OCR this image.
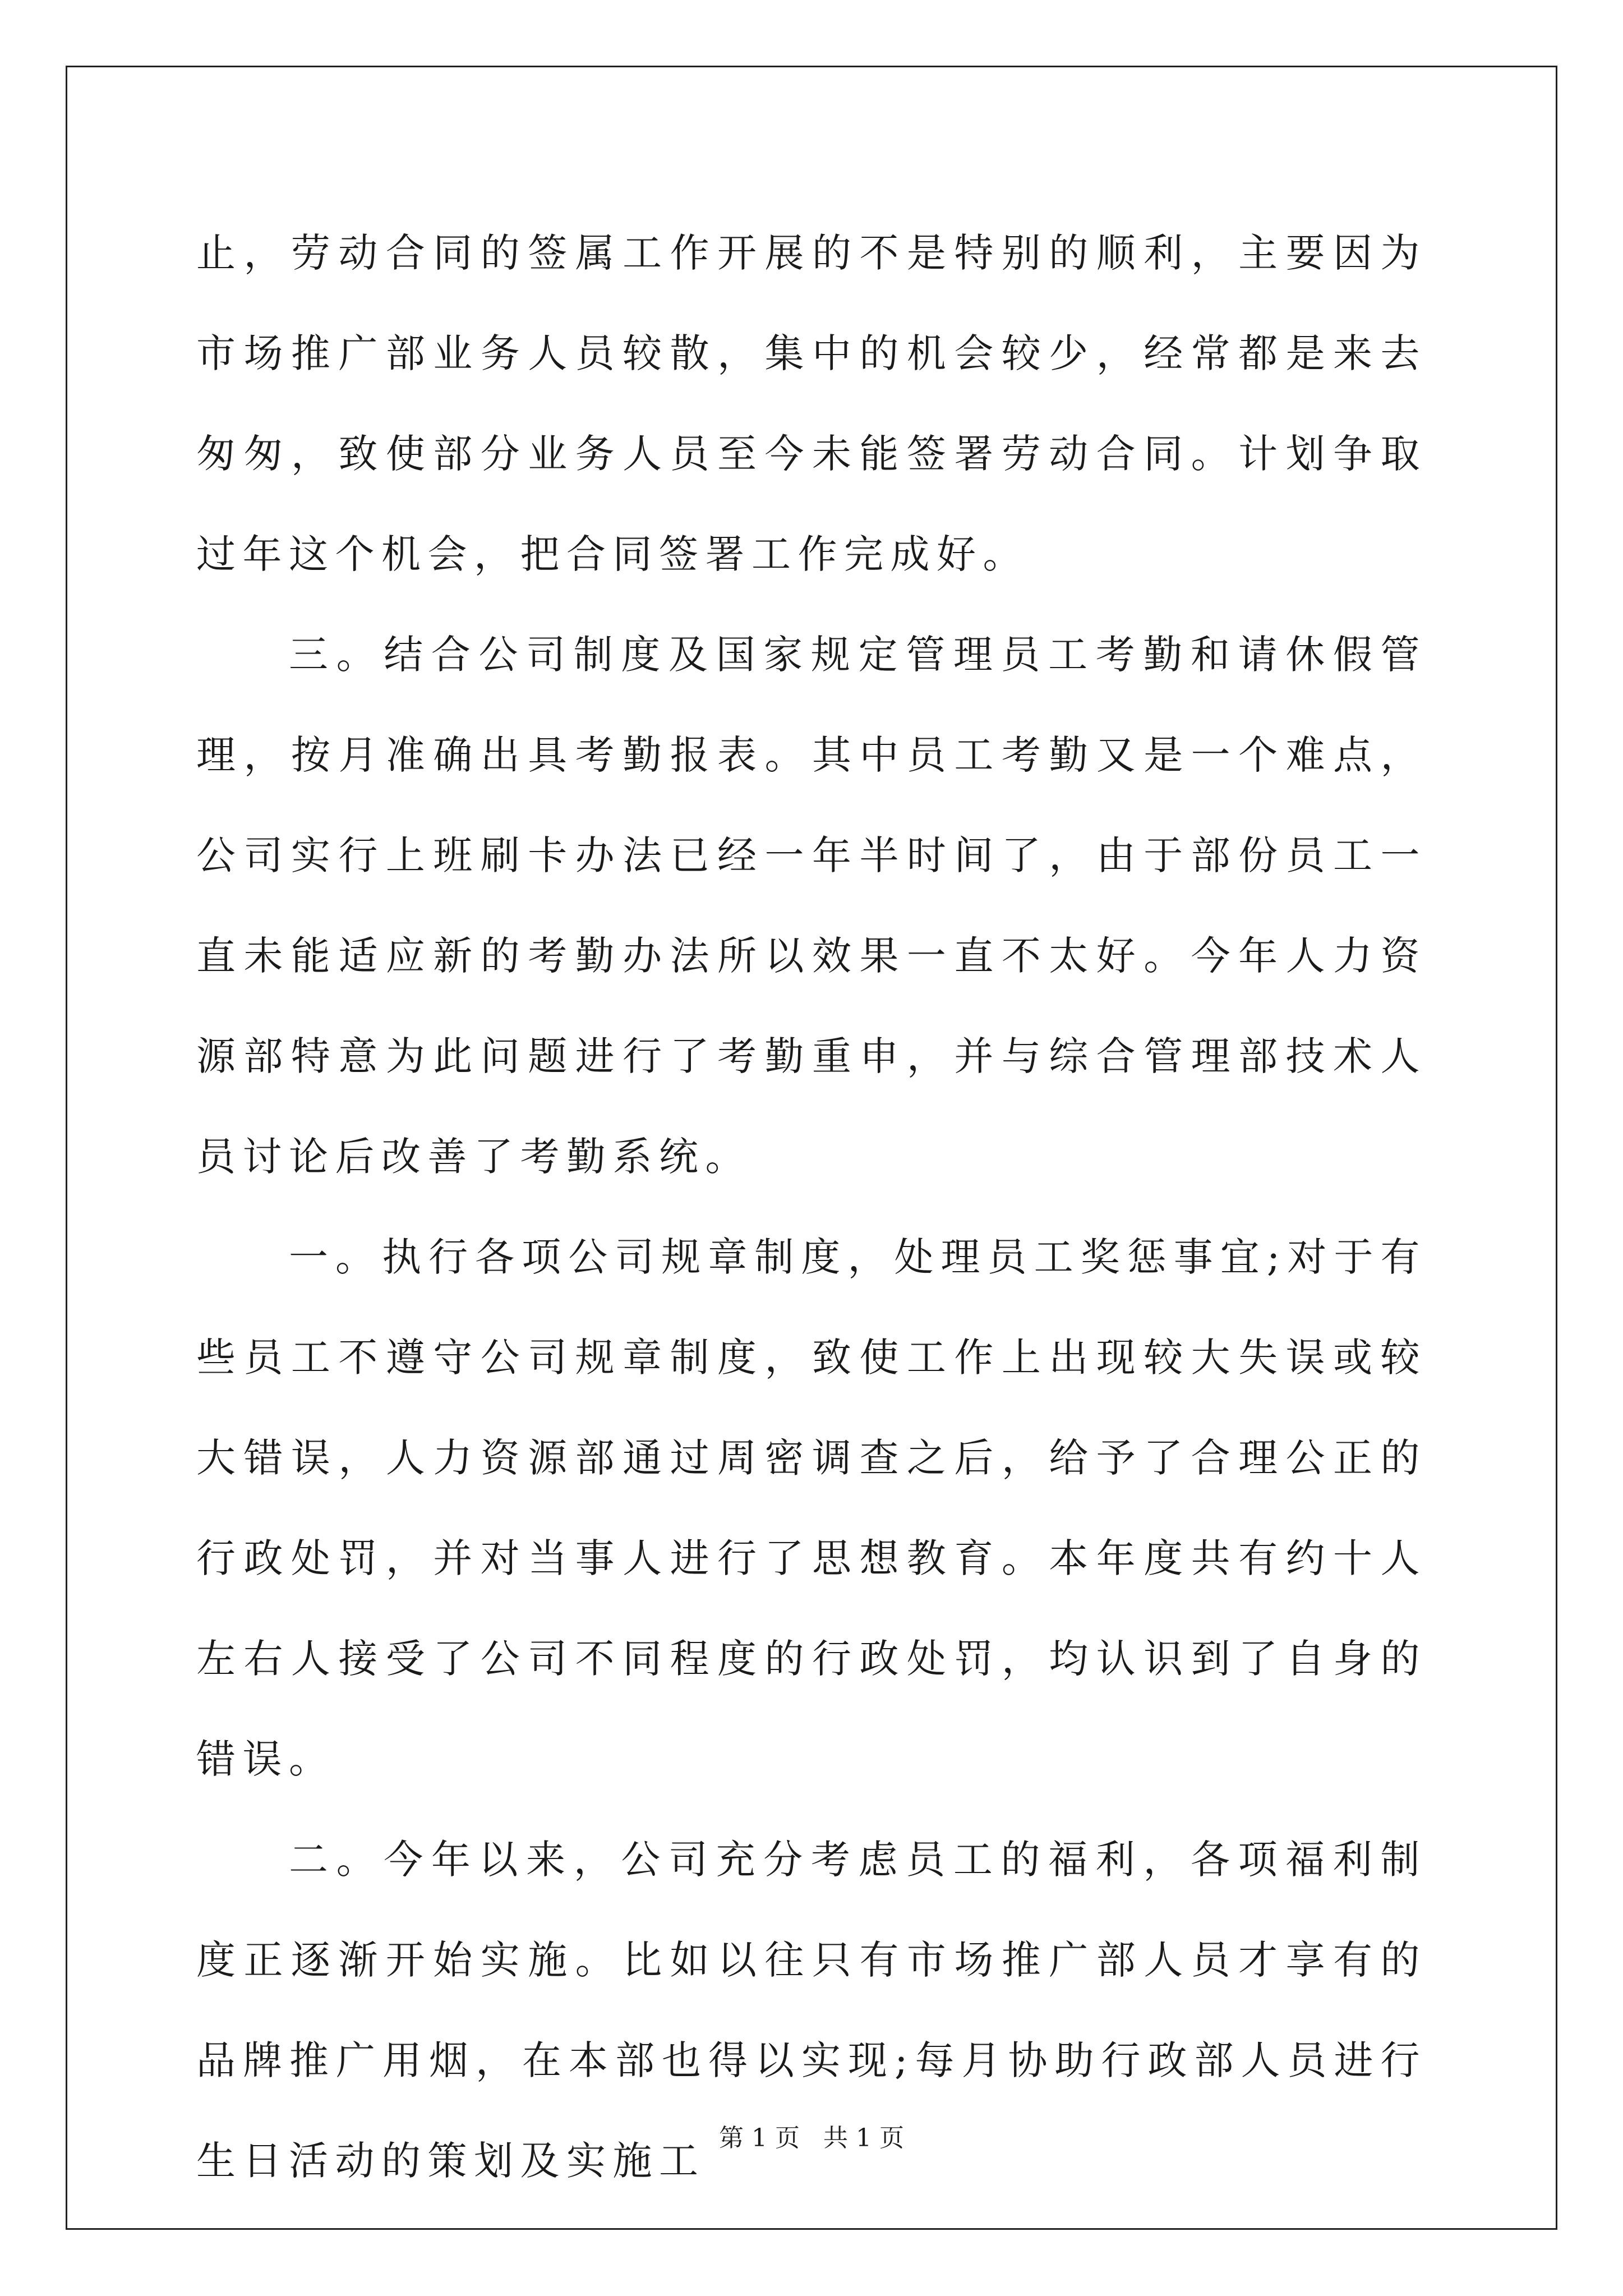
止，劳动合同的签属工作开展的不是特别的顺利，主要因为市场推广部业务人员较散，集中的机会较少，经常都是来去匆匆，致使部分业务人员至今未能签署劳动合同。计划争取过年这个机会，把合同签署工作完成好。

三。结合公司制度及国家规定管理员工考勤和请休假管理，按月准确出具考勤报表。其中员工考勤又是一个难点，公司实行上班刷卡办法已经一年半时间了，由于部份员工一直未能适应新的考勤办法所以效果一直不太好。今年人力资源部特意为此问题进行了考勤重申，并与综合管理部技术人员讨论后改善了考勤系统。

一。执行各项公司规章制度，处理员工奖惩事宜;对于有些员工不遵守公司规章制度，致使工作上出现较大失误或较大错误，人力资源部通过周密调查之后，给予了合理公正的行政处罚，并对当事人进行了思想教育。本年度共有约十人左右人接受了公司不同程度的行政处罚，均认识到了自身的错误。

二。今年以来，公司充分考虑员工的福利，各项福利制度正逐渐开始实施。比如以往只有市场推广部人员才享有的品牌推广用烟，在本部也得以实现;每月协助行政部人员进行生日活动的策划及实施工 第 1 页 共 1 页
